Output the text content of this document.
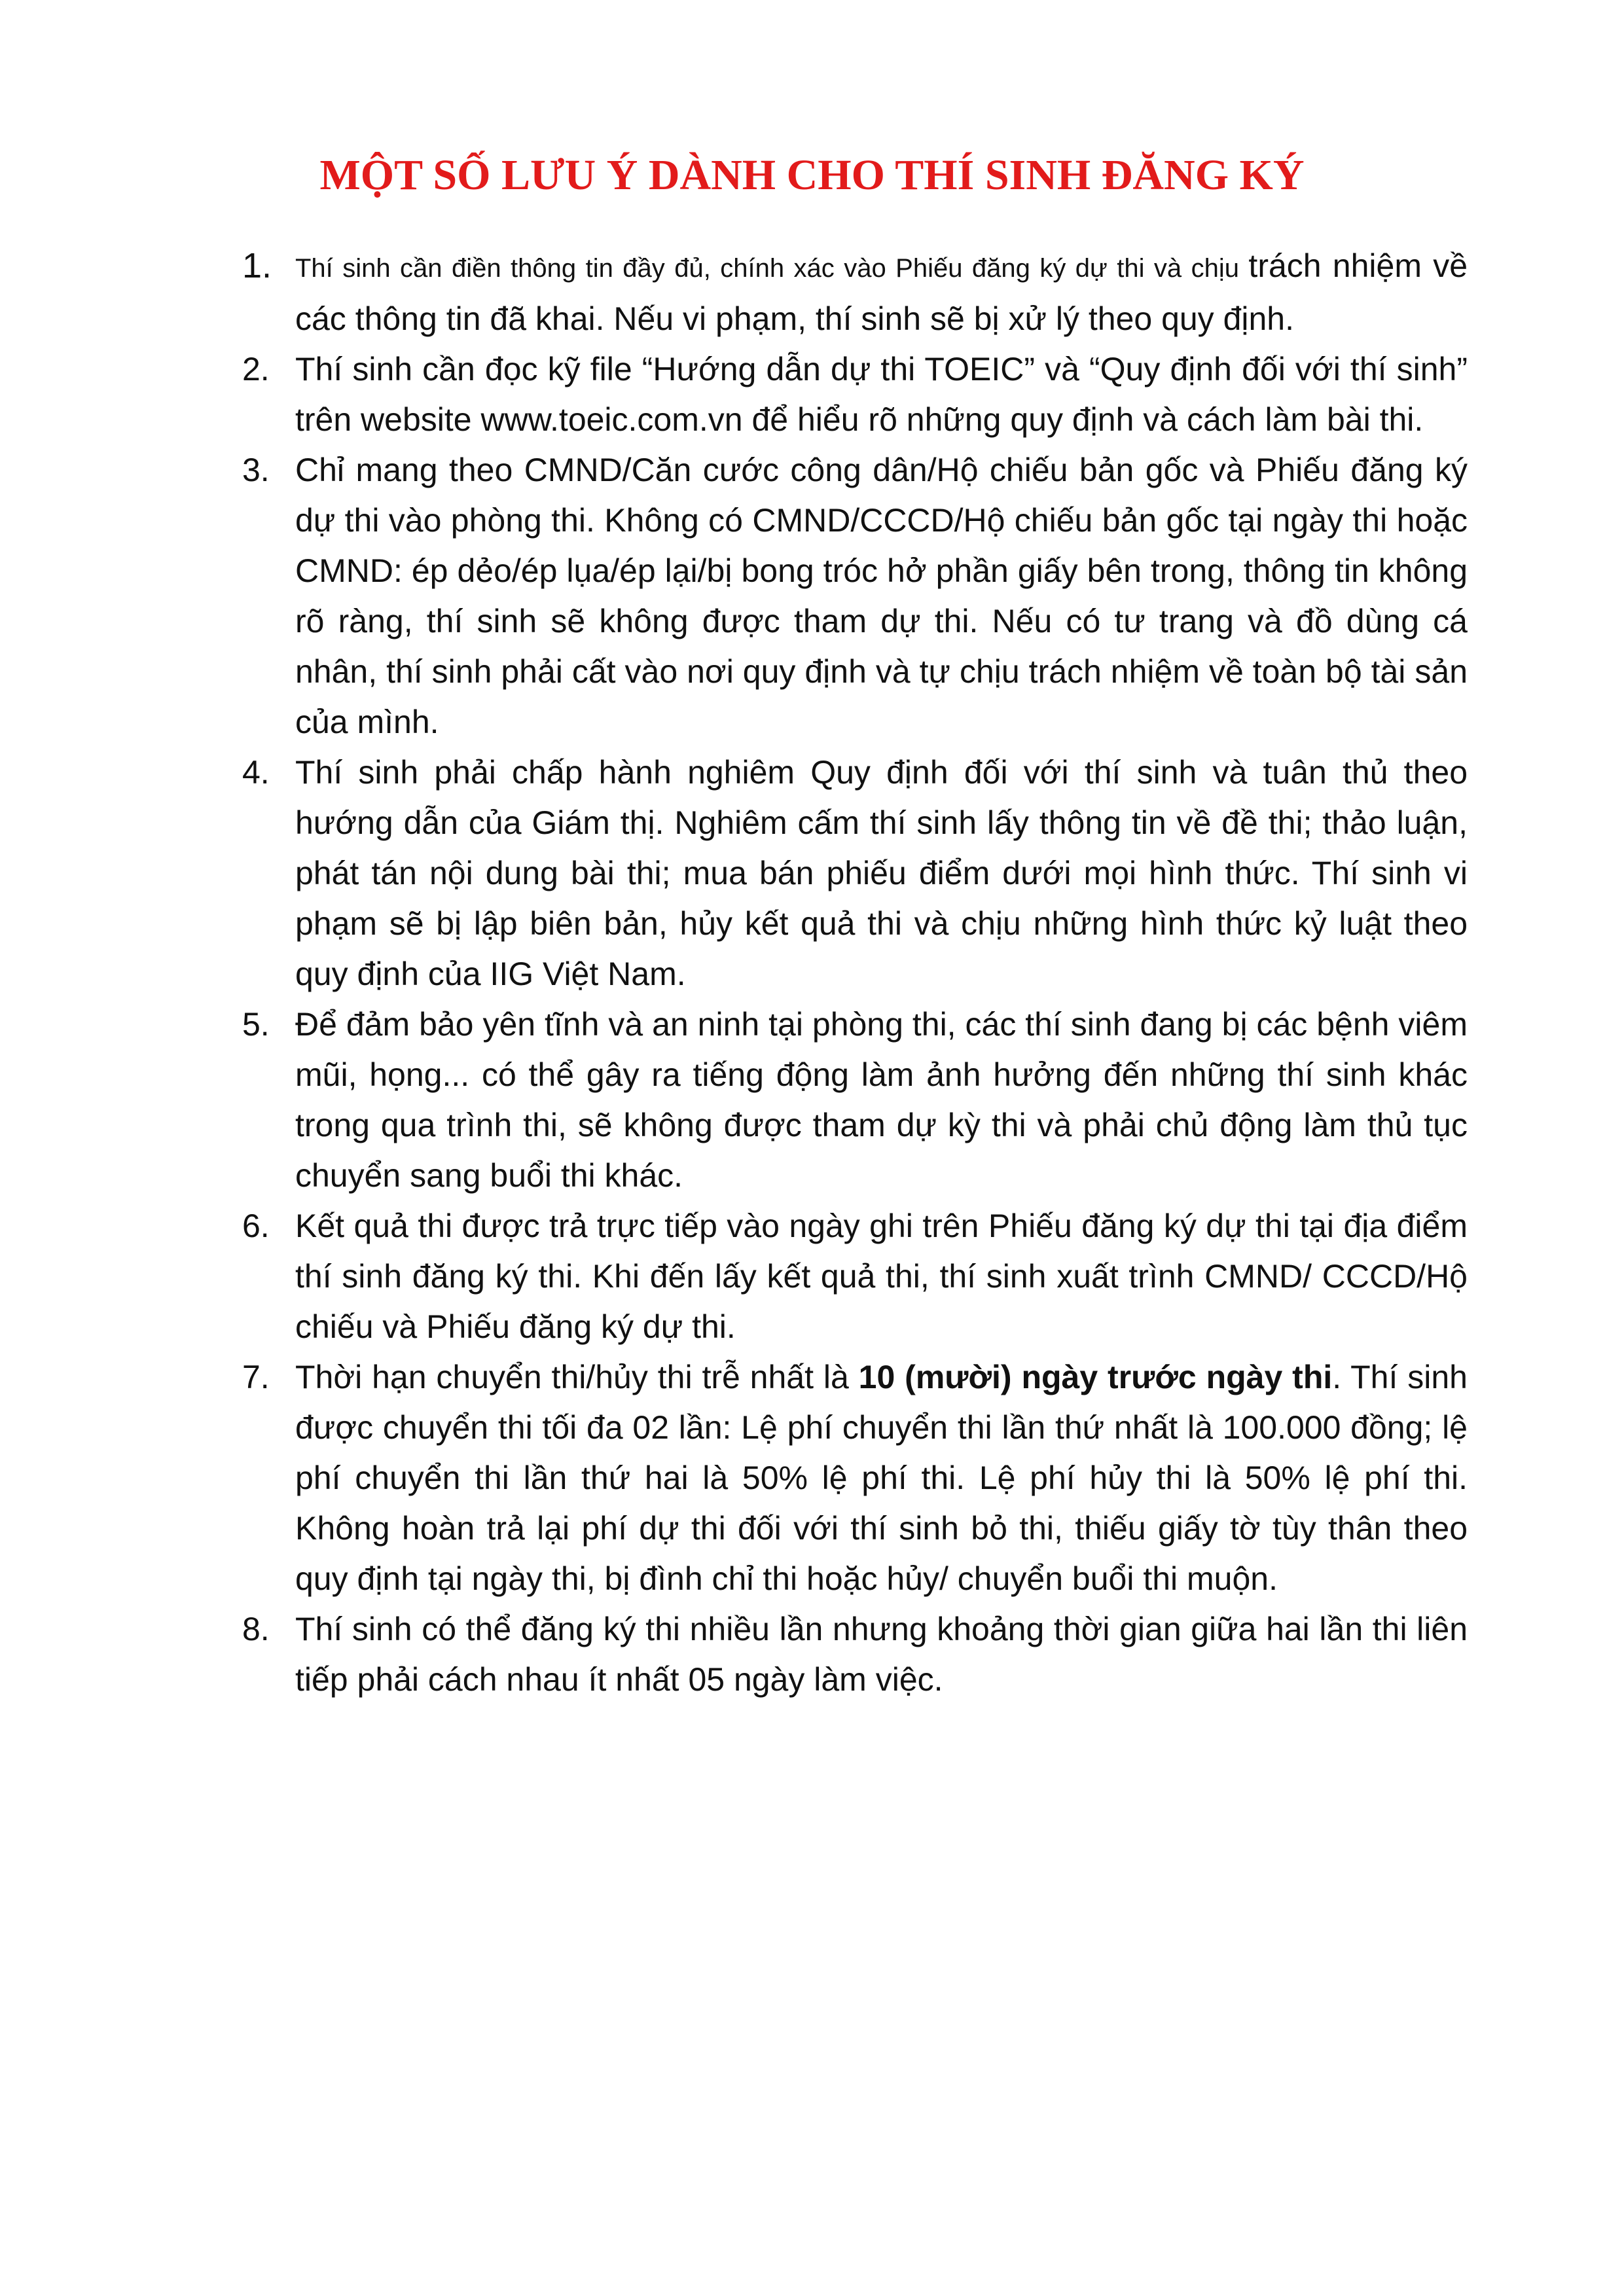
MỘT SỐ LƯU Ý DÀNH CHO THÍ SINH ĐĂNG KÝ
1. Thí sinh cần điền thông tin đầy đủ, chính xác vào Phiếu đăng ký dự thi và chịu trách nhiệm về các thông tin đã khai. Nếu vi phạm, thí sinh sẽ bị xử lý theo quy định.
2. Thí sinh cần đọc kỹ file “Hướng dẫn dự thi TOEIC” và “Quy định đối với thí sinh” trên website www.toeic.com.vn để hiểu rõ những quy định và cách làm bài thi.
3. Chỉ mang theo CMND/Căn cước công dân/Hộ chiếu bản gốc và Phiếu đăng ký dự thi vào phòng thi. Không có CMND/CCCD/Hộ chiếu bản gốc tại ngày thi hoặc CMND: ép dẻo/ép lụa/ép lại/bị bong tróc hở phần giấy bên trong, thông tin không rõ ràng, thí sinh sẽ không được tham dự thi. Nếu có tư trang và đồ dùng cá nhân, thí sinh phải cất vào nơi quy định và tự chịu trách nhiệm về toàn bộ tài sản của mình.
4. Thí sinh phải chấp hành nghiêm Quy định đối với thí sinh và tuân thủ theo hướng dẫn của Giám thị. Nghiêm cấm thí sinh lấy thông tin về đề thi; thảo luận, phát tán nội dung bài thi; mua bán phiếu điểm dưới mọi hình thức. Thí sinh vi phạm sẽ bị lập biên bản, hủy kết quả thi và chịu những hình thức kỷ luật theo quy định của IIG Việt Nam.
5. Để đảm bảo yên tĩnh và an ninh tại phòng thi, các thí sinh đang bị các bệnh viêm mũi, họng... có thể gây ra tiếng động làm ảnh hưởng đến những thí sinh khác trong qua trình thi, sẽ không được tham dự kỳ thi và phải chủ động làm thủ tục chuyển sang buổi thi khác.
6. Kết quả thi được trả trực tiếp vào ngày ghi trên Phiếu đăng ký dự thi tại địa điểm thí sinh đăng ký thi. Khi đến lấy kết quả thi, thí sinh xuất trình CMND/ CCCD/Hộ chiếu và Phiếu đăng ký dự thi.
7. Thời hạn chuyển thi/hủy thi trễ nhất là 10 (mười) ngày trước ngày thi. Thí sinh được chuyển thi tối đa 02 lần: Lệ phí chuyển thi lần thứ nhất là 100.000 đồng; lệ phí chuyển thi lần thứ hai là 50% lệ phí thi. Lệ phí hủy thi là 50% lệ phí thi. Không hoàn trả lại phí dự thi đối với thí sinh bỏ thi, thiếu giấy tờ tùy thân theo quy định tại ngày thi, bị đình chỉ thi hoặc hủy/ chuyển buổi thi muộn.
8. Thí sinh có thể đăng ký thi nhiều lần nhưng khoảng thời gian giữa hai lần thi liên tiếp phải cách nhau ít nhất 05 ngày làm việc.
